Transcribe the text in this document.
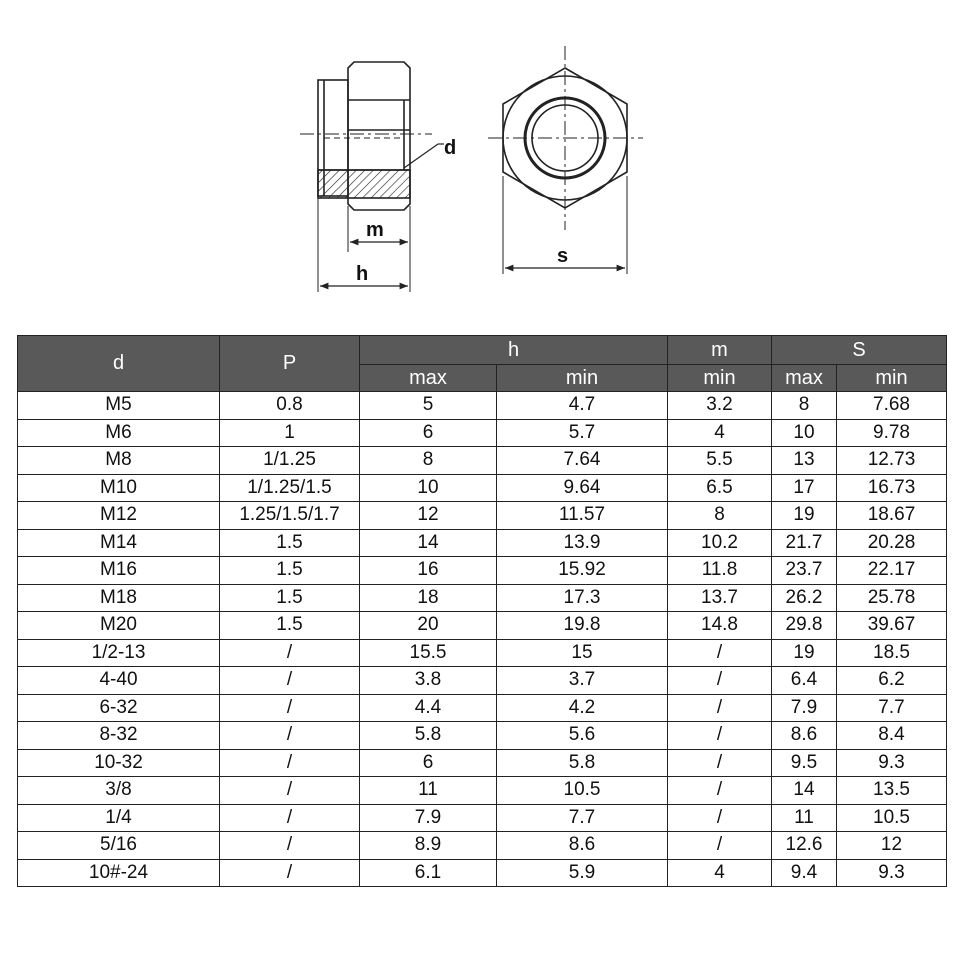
d
m
h
s
d	P	h		m	S	
		max	min	min	max	min
M5	0.8	5	4.7	3.2	8	7.68
M6	1	6	5.7	4	10	9.78
M8	1/1.25	8	7.64	5.5	13	12.73
M10	1/1.25/1.5	10	9.64	6.5	17	16.73
M12	1.25/1.5/1.7	12	11.57	8	19	18.67
M14	1.5	14	13.9	10.2	21.7	20.28
M16	1.5	16	15.92	11.8	23.7	22.17
M18	1.5	18	17.3	13.7	26.2	25.78
M20	1.5	20	19.8	14.8	29.8	39.67
1/2-13	/	15.5	15	/	19	18.5
4-40	/	3.8	3.7	/	6.4	6.2
6-32	/	4.4	4.2	/	7.9	7.7
8-32	/	5.8	5.6	/	8.6	8.4
10-32	/	6	5.8	/	9.5	9.3
3/8	/	11	10.5	/	14	13.5
1/4	/	7.9	7.7	/	11	10.5
5/16	/	8.9	8.6	/	12.6	12
10#-24	/	6.1	5.9	4	9.4	9.3
